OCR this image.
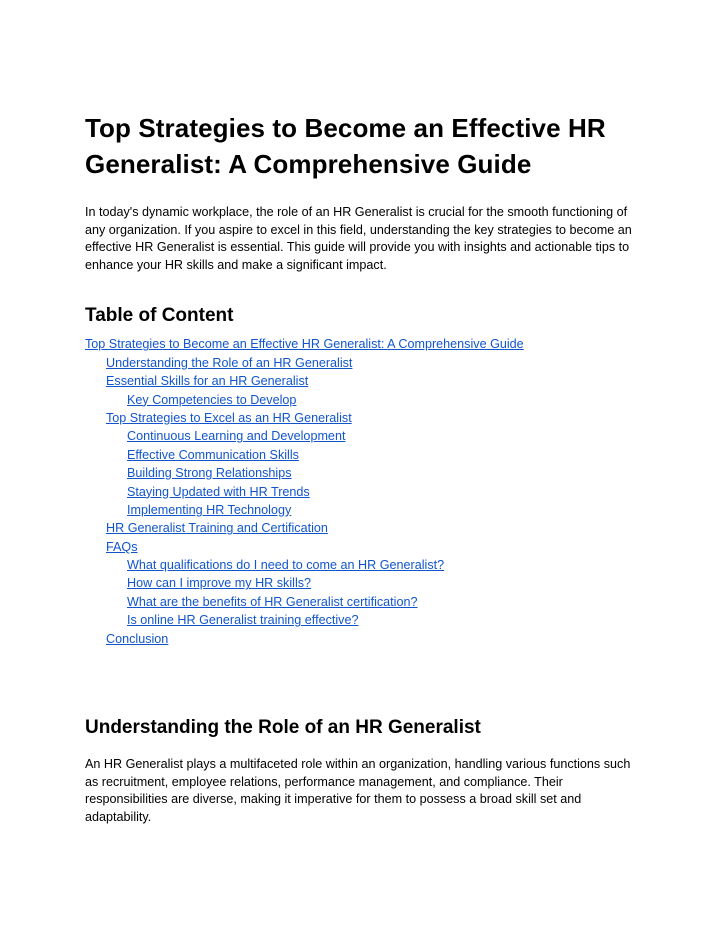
Top Strategies to Become an Effective HR Generalist: A Comprehensive Guide

In today's dynamic workplace, the role of an HR Generalist is crucial for the smooth functioning of any organization. If you aspire to excel in this field, understanding the key strategies to become an effective HR Generalist is essential. This guide will provide you with insights and actionable tips to enhance your HR skills and make a significant impact.

Table of Content
Top Strategies to Become an Effective HR Generalist: A Comprehensive Guide
Understanding the Role of an HR Generalist
Essential Skills for an HR Generalist
Key Competencies to Develop
Top Strategies to Excel as an HR Generalist
Continuous Learning and Development
Effective Communication Skills
Building Strong Relationships
Staying Updated with HR Trends
Implementing HR Technology
HR Generalist Training and Certification
FAQs
What qualifications do I need to come an HR Generalist?
How can I improve my HR skills?
What are the benefits of HR Generalist certification?
Is online HR Generalist training effective?
Conclusion
Understanding the Role of an HR Generalist

An HR Generalist plays a multifaceted role within an organization, handling various functions such as recruitment, employee relations, performance management, and compliance. Their responsibilities are diverse, making it imperative for them to possess a broad skill set and adaptability.
